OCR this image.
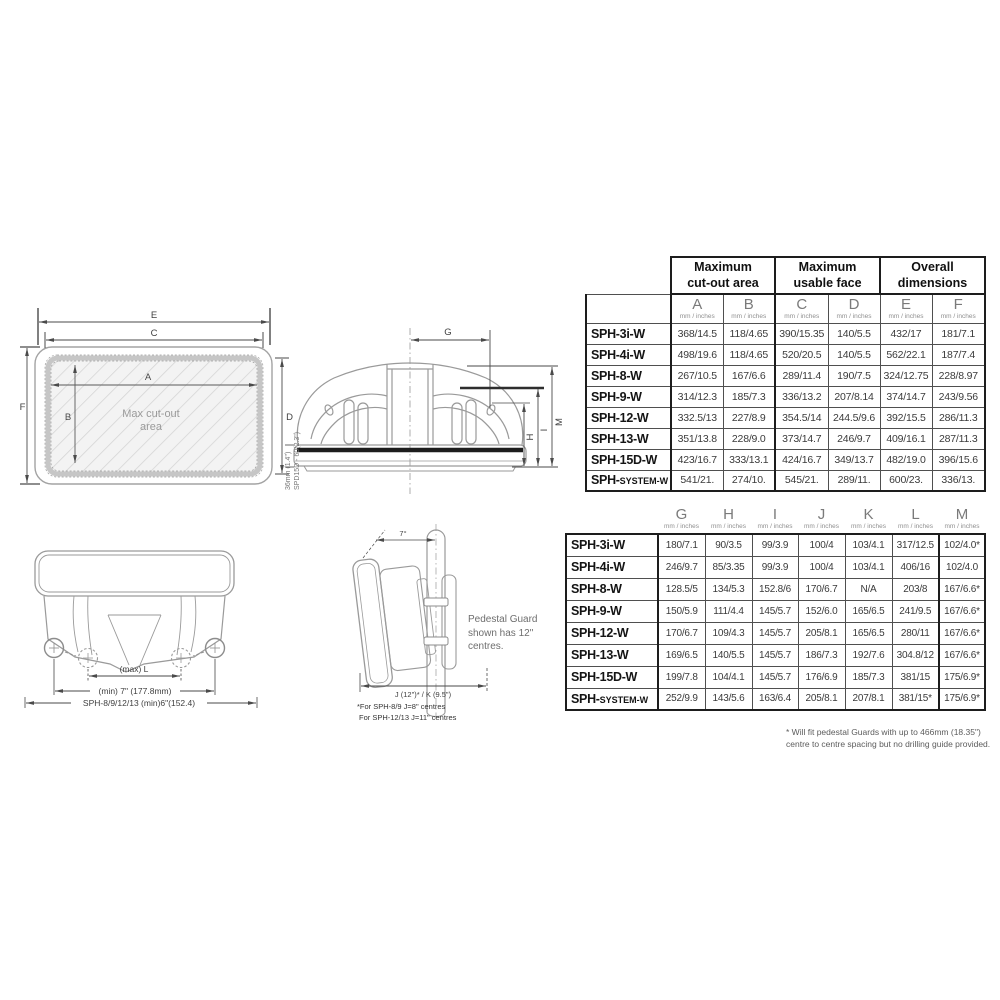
Max cut-out
area
E
C
A
B
F
D
36mm (1.4") SPD15D - 60(2.3")
G
M
I
H
(max) L
(min) 7" (177.8mm)
SPH-8/9/12/13 (min)6"(152.4)
7°
J (12")* / K (9.5")
*For SPH-8/9 J=8" centres
For SPH-12/13 J=11" centres
Pedestal Guard
shown has 12"
centres.
	Maximum
cut-out area		Maximum
usable face		Overall
dimensions	

A
mm / inches

B
mm / inches

C
mm / inches

D
mm / inches

E
mm / inches

F
mm / inches

SPH-3i-W	368/14.5	118/4.65	390/15.35	140/5.5	432/17	181/7.1
SPH-4i-W	498/19.6	118/4.65	520/20.5	140/5.5	562/22.1	187/7.4
SPH-8-W	267/10.5	167/6.6	289/11.4	190/7.5	324/12.75	228/8.97
SPH-9-W	314/12.3	185/7.3	336/13.2	207/8.14	374/14.7	243/9.56
SPH-12-W	332.5/13	227/8.9	354.5/14	244.5/9.6	392/15.5	286/11.3
SPH-13-W	351/13.8	228/9.0	373/14.7	246/9.7	409/16.1	287/11.3
SPH-15D-W	423/16.7	333/13.1	424/16.7	349/13.7	482/19.0	396/15.6
SPH-SYSTEM-W	541/21.	274/10.	545/21.	289/11.	600/23.	336/13.

G
mm / inches

H
mm / inches

I
mm / inches

J
mm / inches

K
mm / inches

L
mm / inches

M
mm / inches

SPH-3i-W	180/7.1	90/3.5	99/3.9	100/4	103/4.1	317/12.5	102/4.0*
SPH-4i-W	246/9.7	85/3.35	99/3.9	100/4	103/4.1	406/16	102/4.0
SPH-8-W	128.5/5	134/5.3	152.8/6	170/6.7	N/A	203/8	167/6.6*
SPH-9-W	150/5.9	111/4.4	145/5.7	152/6.0	165/6.5	241/9.5	167/6.6*
SPH-12-W	170/6.7	109/4.3	145/5.7	205/8.1	165/6.5	280/11	167/6.6*
SPH-13-W	169/6.5	140/5.5	145/5.7	186/7.3	192/7.6	304.8/12	167/6.6*
SPH-15D-W	199/7.8	104/4.1	145/5.7	176/6.9	185/7.3	381/15	175/6.9*
SPH-SYSTEM-W	252/9.9	143/5.6	163/6.4	205/8.1	207/8.1	381/15*	175/6.9*
* Will fit pedestal Guards with up to 466mm (18.35")
centre to centre spacing but no drilling guide provided.
